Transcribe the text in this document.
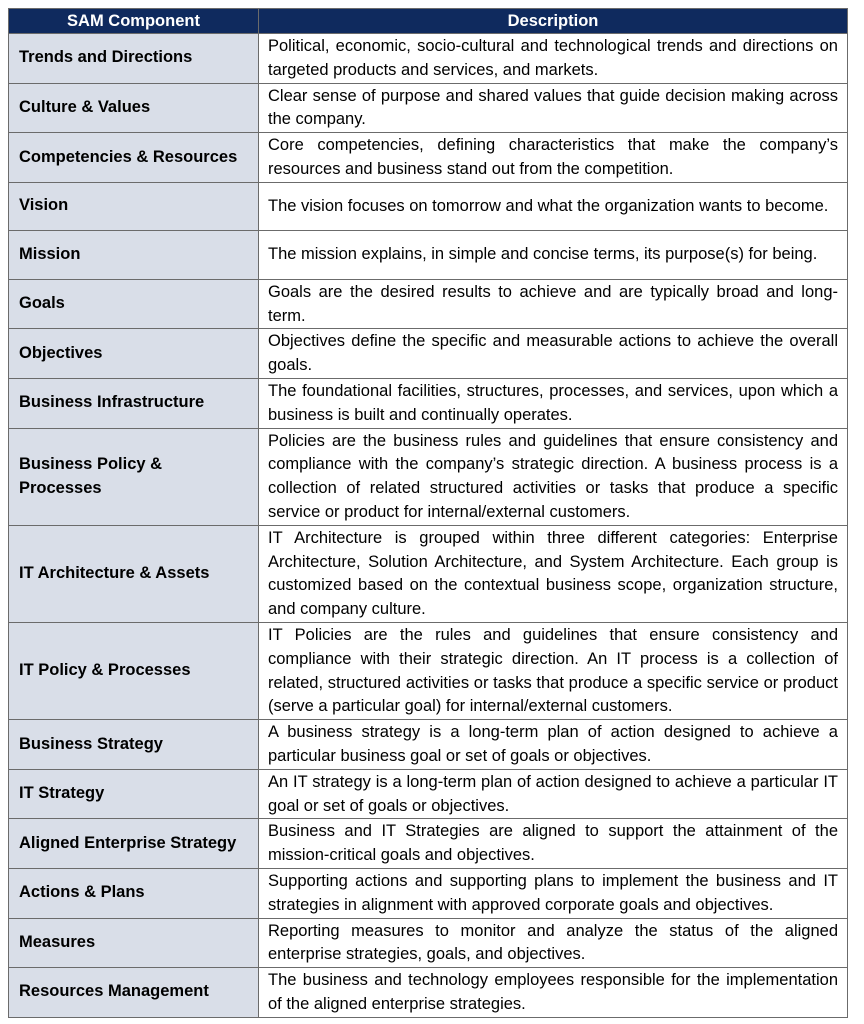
SAM Component	Description
Trends and Directions	Political, economic, socio-cultural and technological trends and directions on targeted products and services, and markets.
Culture & Values	Clear sense of purpose and shared values that guide decision making across the company.
Competencies & Resources	Core competencies, defining characteristics that make the company’s resources and business stand out from the competition.
Vision	The vision focuses on tomorrow and what the organization wants to become.
Mission	The mission explains, in simple and concise terms, its purpose(s) for being.
Goals	Goals are the desired results to achieve and are typically broad and long-term.
Objectives	Objectives define the specific and measurable actions to achieve the overall goals.
Business Infrastructure	The foundational facilities, structures, processes, and services, upon which a business is built and continually operates.
Business Policy & Processes	Policies are the business rules and guidelines that ensure consistency and compliance with the company’s strategic direction. A business process is a collection of related structured activities or tasks that produce a specific service or product for internal/external customers.
IT Architecture & Assets	IT Architecture is grouped within three different categories: Enterprise Architecture, Solution Architecture, and System Architecture. Each group is customized based on the contextual business scope, organization structure, and company culture.
IT Policy & Processes	IT Policies are the rules and guidelines that ensure consistency and compliance with their strategic direction. An IT process is a collection of related, structured activities or tasks that produce a specific service or product (serve a particular goal) for internal/external customers.
Business Strategy	A business strategy is a long-term plan of action designed to achieve a particular business goal or set of goals or objectives.
IT Strategy	An IT strategy is a long-term plan of action designed to achieve a particular IT goal or set of goals or objectives.
Aligned Enterprise Strategy	Business and IT Strategies are aligned to support the attainment of the mission-critical goals and objectives.
Actions & Plans	Supporting actions and supporting plans to implement the business and IT strategies in alignment with approved corporate goals and objectives.
Measures	Reporting measures to monitor and analyze the status of the aligned enterprise strategies, goals, and objectives.
Resources Management	The business and technology employees responsible for the implementation of the aligned enterprise strategies.
